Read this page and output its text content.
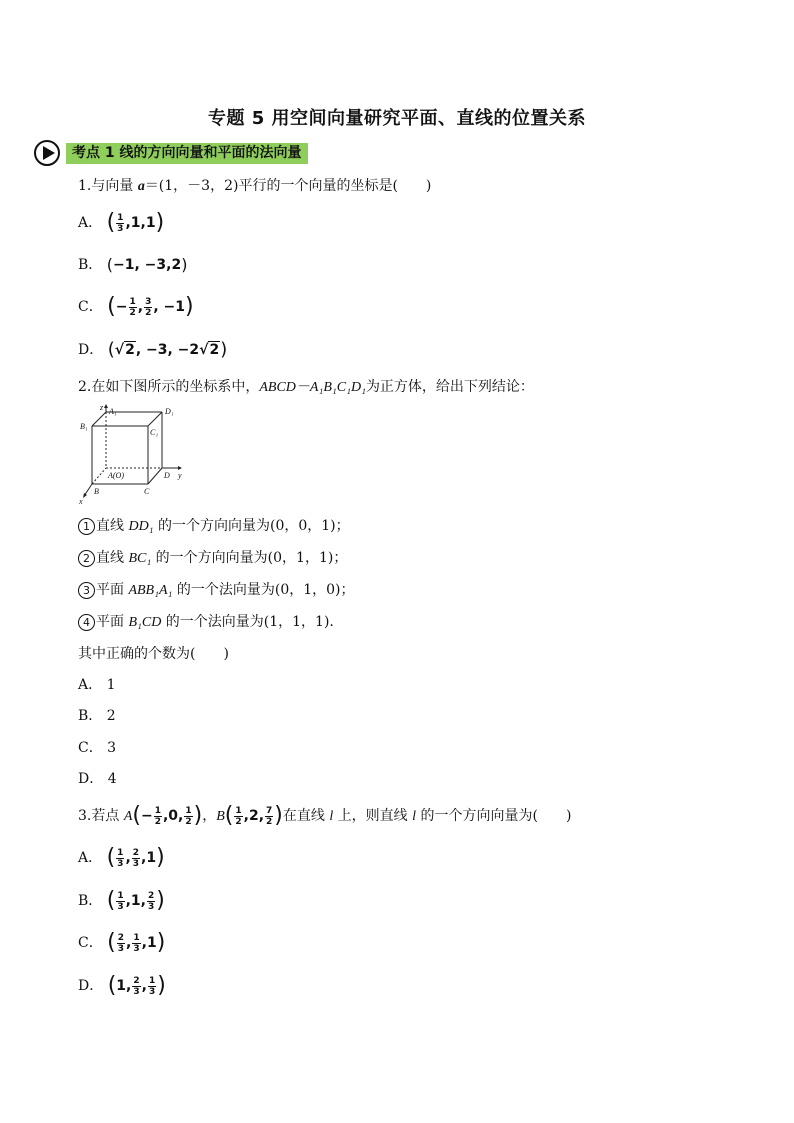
专题 5 用空间向量研究平面、直线的位置关系
考点 1 线的方向向量和平面的法向量
1.与向量 a＝(1，－3，2)平行的一个向量的坐标是(　　)
A． ( $\frac{1}{3} ,1,1$)
B． (−1, −3,2)
C． (− $\frac{1}{2}$ , $\frac{3}{2}$ , −1)
D． (√2, −3, −2√2)
2.在如下图所示的坐标系中，ABCD－A₁B₁C₁D₁为正方体，给出下列结论：
z A₁	D₁
B₁
C₁
A(O)	D y
B	C
x
1 直线 DD₁ 的一个方向向量为(0，0，1)；
2 直线 BC₁ 的一个方向向量为(0，1，1)；
3 平面 ABB₁A₁ 的一个法向量为(0，1，0)；
4 平面 B₁CD 的一个法向量为(1，1，1).
其中正确的个数为(　　)
A． 1
B． 2
C． 3
D． 4
3.若点 $A(- \frac{1}{2} ,0$, $\frac{1}{2}$ )，$B( \frac{1}{2} ,2$, $\frac{7}{2}$ )在直线 l 上，则直线 l 的一个方向向量为(　　)
A． ( $\frac{1}{3}$ , $\frac{2}{3} ,1$)
B． ( $\frac{1}{3} ,1$, $\frac{2}{3}$ )
C． ( $\frac{2}{3}$ , $\frac{1}{3} ,1$)
D． (1, $\frac{2}{3}$ , $\frac{1}{3}$ )
